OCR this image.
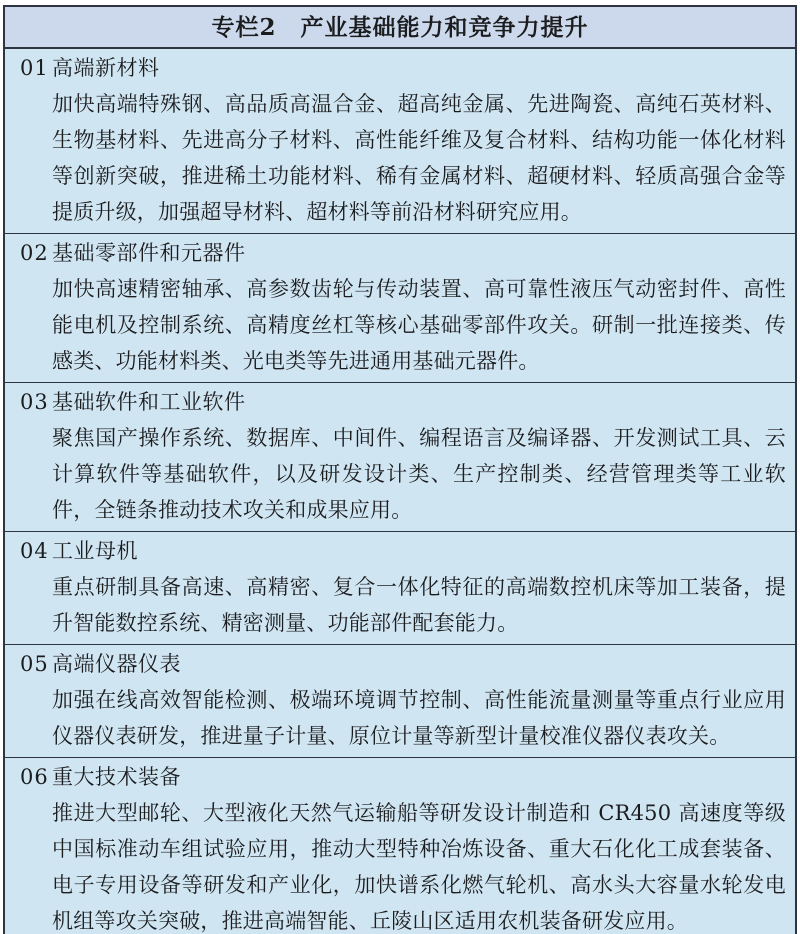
专栏2　产业基础能力和竞争力提升
01 高端新材料

加快高端特殊钢、高品质高温合金、超高纯金属、先进陶瓷、高纯石英材料、生物基材料、先进高分子材料、高性能纤维及复合材料、结构功能一体化材料等创新突破，推进稀土功能材料、稀有金属材料、超硬材料、轻质高强合金等提质升级，加强超导材料、超材料等前沿材料研究应用。

02 基础零部件和元器件

加快高速精密轴承、高参数齿轮与传动装置、高可靠性液压气动密封件、高性能电机及控制系统、高精度丝杠等核心基础零部件攻关。研制一批连接类、传感类、功能材料类、光电类等先进通用基础元器件。

03 基础软件和工业软件

聚焦国产操作系统、数据库、中间件、编程语言及编译器、开发测试工具、云计算软件等基础软件，以及研发设计类、生产控制类、经营管理类等工业软件，全链条推动技术攻关和成果应用。

04 工业母机

重点研制具备高速、高精密、复合一体化特征的高端数控机床等加工装备，提升智能数控系统、精密测量、功能部件配套能力。

05 高端仪器仪表

加强在线高效智能检测、极端环境调节控制、高性能流量测量等重点行业应用仪器仪表研发，推进量子计量、原位计量等新型计量校准仪器仪表攻关。

06 重大技术装备

推进大型邮轮、大型液化天然气运输船等研发设计制造和 CR450 高速度等级中国标准动车组试验应用，推动大型特种冶炼设备、重大石化化工成套装备、电子专用设备等研发和产业化，加快谱系化燃气轮机、高水头大容量水轮发电机组等攻关突破，推进高端智能、丘陵山区适用农机装备研发应用。
